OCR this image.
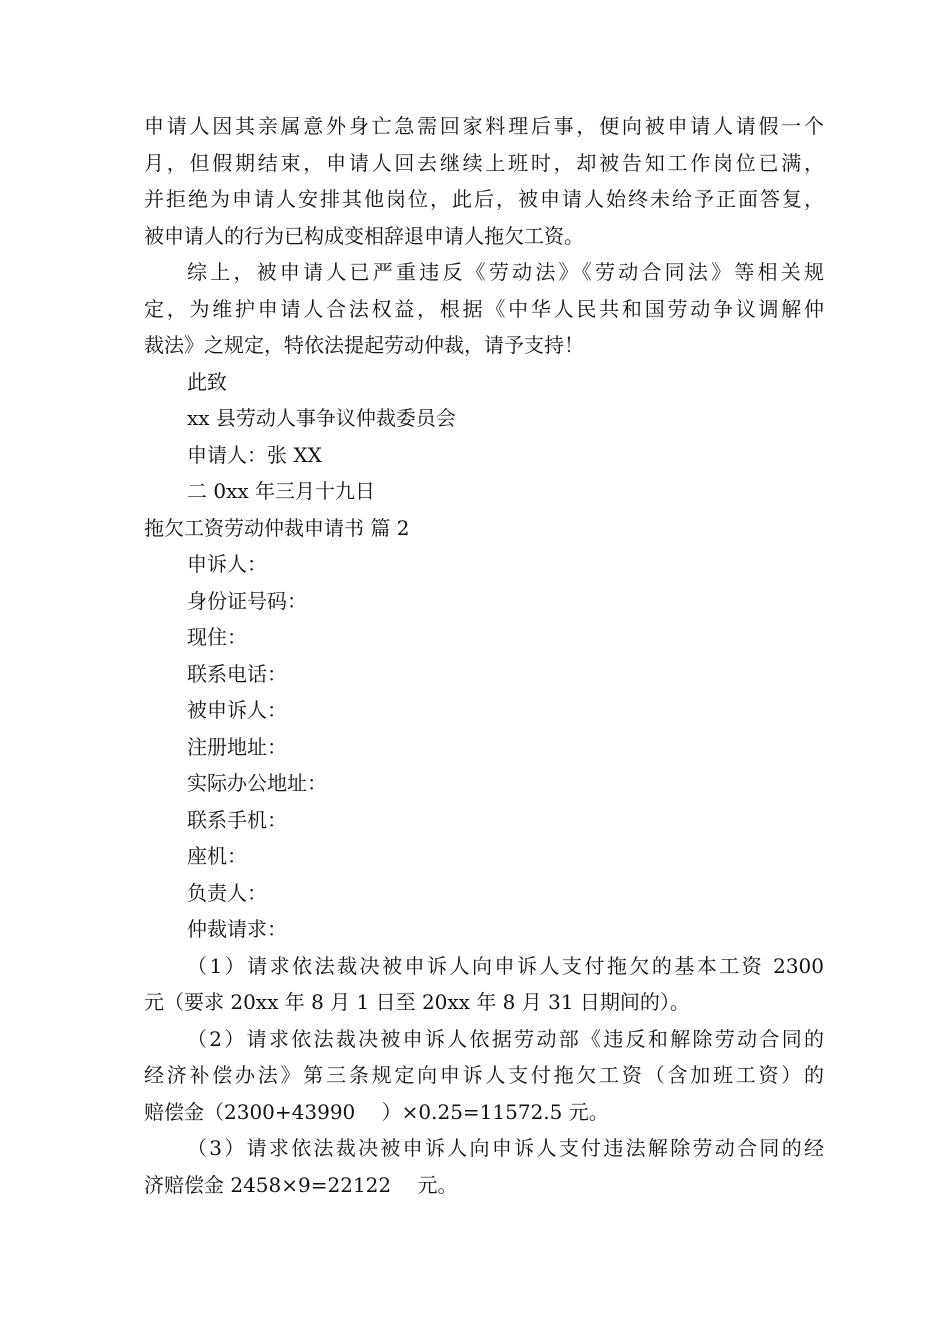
申请人因其亲属意外身亡急需回家料理后事，便向被申请人请假一个
月，但假期结束，申请人回去继续上班时，却被告知工作岗位已满，
并拒绝为申请人安排其他岗位，此后，被申请人始终未给予正面答复，
被申请人的行为已构成变相辞退申请人拖欠工资。
综上，被申请人已严重违反《劳动法》《劳动合同法》等相关规
定，为维护申请人合法权益，根据《中华人民共和国劳动争议调解仲
裁法》之规定，特依法提起劳动仲裁，请予支持！
此致
xx 县劳动人事争议仲裁委员会
申请人：张 XX
二 0xx 年三月十九日
拖欠工资劳动仲裁申请书 篇 2
申诉人：
身份证号码：
现住：
联系电话：
被申诉人：
注册地址：
实际办公地址：
联系手机：
座机：
负责人：
仲裁请求：
（1）请求依法裁决被申诉人向申诉人支付拖欠的基本工资 2300
元（要求 20xx 年 8 月 1 日至 20xx 年 8 月 31 日期间的）。
（2）请求依法裁决被申诉人依据劳动部《违反和解除劳动合同的
经济补偿办法》第三条规定向申诉人支付拖欠工资（含加班工资）的
赔偿金（2300+43990　 ）×0.25=11572.5 元。
（3）请求依法裁决被申诉人向申诉人支付违法解除劳动合同的经
济赔偿金 2458×9=22122　 元。
